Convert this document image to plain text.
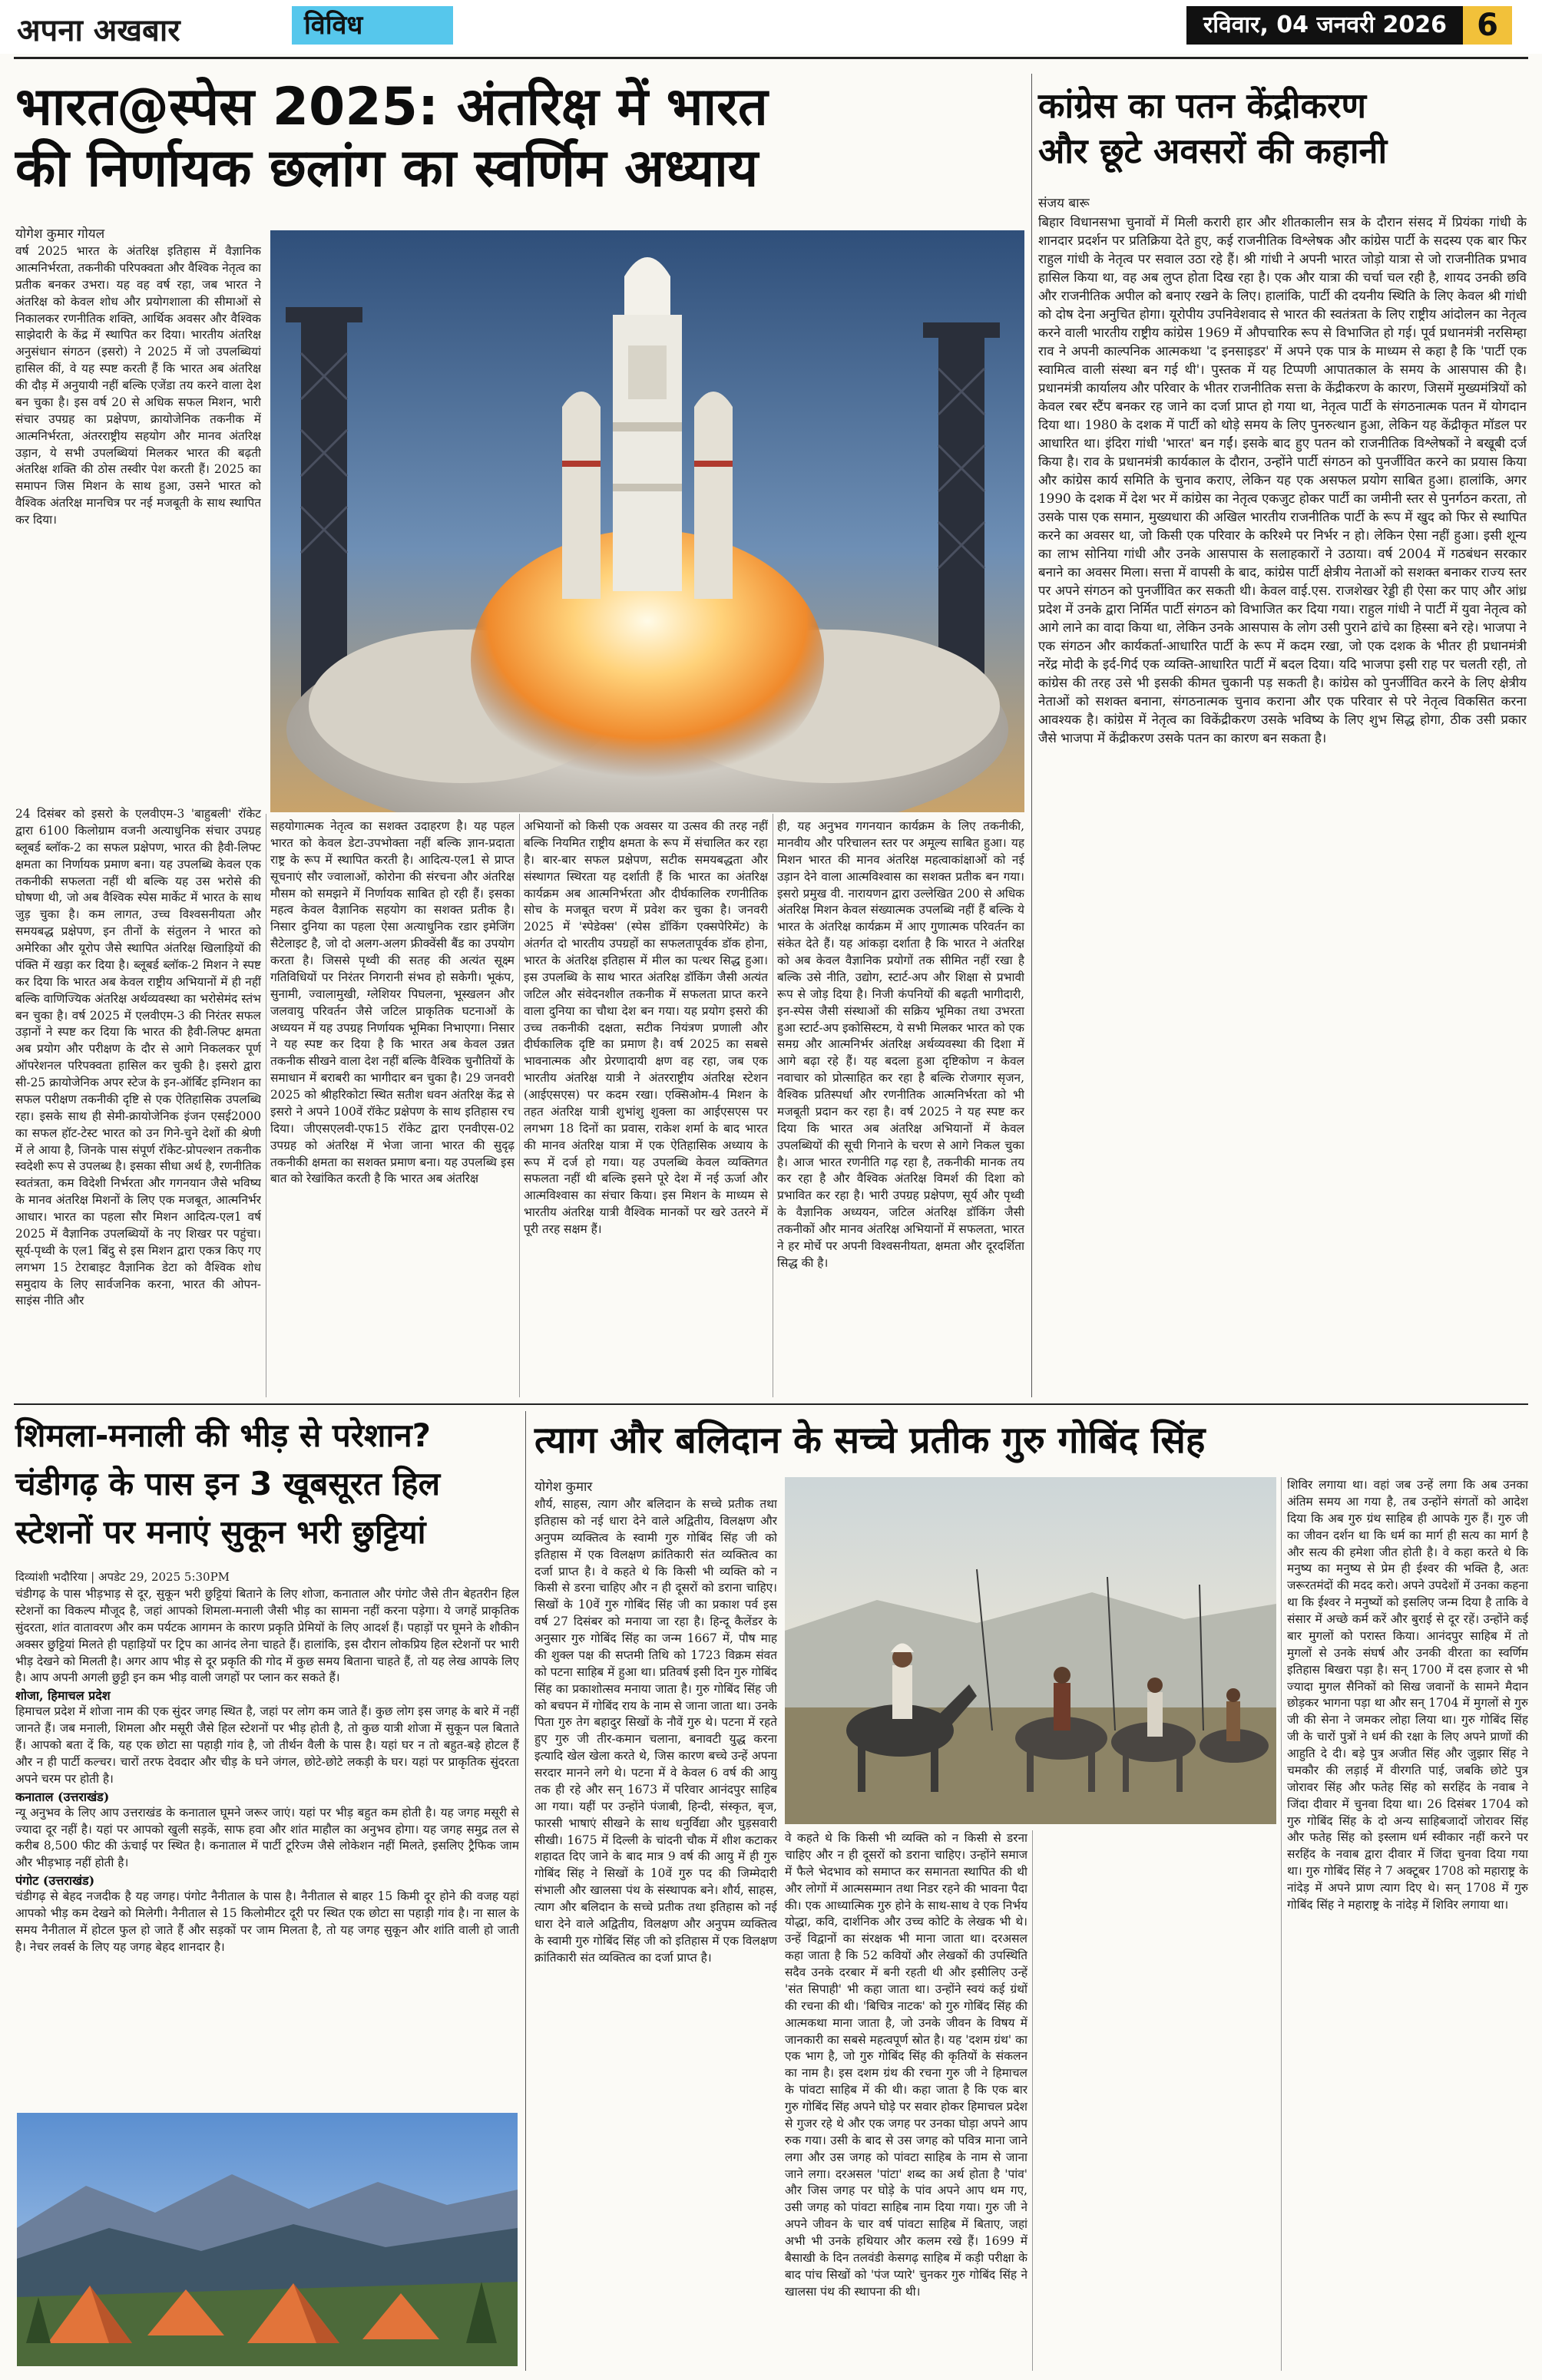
अपना अखबार	विविध	रविवार, 04 जनवरी 2026 6
भारत@स्पेस 2025: अंतरिक्ष में भारत
की निर्णायक छलांग का स्वर्णिम अध्याय
योगेश कुमार गोयल
वर्ष 2025 भारत के अंतरिक्ष इतिहास में वैज्ञानिक आत्मनिर्भरता, तकनीकी परिपक्वता और वैश्विक नेतृत्व का प्रतीक बनकर उभरा। यह वह वर्ष रहा, जब भारत ने अंतरिक्ष को केवल शोध और प्रयोगशाला की सीमाओं से निकालकर रणनीतिक शक्ति, आर्थिक अवसर और वैश्विक साझेदारी के केंद्र में स्थापित कर दिया। भारतीय अंतरिक्ष अनुसंधान संगठन (इसरो) ने 2025 में जो उपलब्धियां हासिल कीं, वे यह स्पष्ट करती हैं कि भारत अब अंतरिक्ष की दौड़ में अनुयायी नहीं बल्कि एजेंडा तय करने वाला देश बन चुका है। इस वर्ष 20 से अधिक सफल मिशन, भारी संचार उपग्रह का प्रक्षेपण, क्रायोजेनिक तकनीक में आत्मनिर्भरता, अंतरराष्ट्रीय सहयोग और मानव अंतरिक्ष उड़ान, ये सभी उपलब्धियां मिलकर भारत की बढ़ती अंतरिक्ष शक्ति की ठोस तस्वीर पेश करती हैं। 2025 का समापन जिस मिशन के साथ हुआ, उसने भारत को वैश्विक अंतरिक्ष मानचित्र पर नई मजबूती के साथ स्थापित कर दिया।
24 दिसंबर को इसरो के एलवीएम-3 'बाहुबली' रॉकेट द्वारा 6100 किलोग्राम वजनी अत्याधुनिक संचार उपग्रह ब्लूबर्ड ब्लॉक-2 का सफल प्रक्षेपण, भारत की हैवी-लिफ्ट क्षमता का निर्णायक प्रमाण बना। यह उपलब्धि केवल एक तकनीकी सफलता नहीं थी बल्कि यह उस भरोसे की घोषणा थी, जो अब वैश्विक स्पेस मार्केट में भारत के साथ जुड़ चुका है। कम लागत, उच्च विश्वसनीयता और समयबद्ध प्रक्षेपण, इन तीनों के संतुलन ने भारत को अमेरिका और यूरोप जैसे स्थापित अंतरिक्ष खिलाड़ियों की पंक्ति में खड़ा कर दिया है। ब्लूबर्ड ब्लॉक-2 मिशन ने स्पष्ट कर दिया कि भारत अब केवल राष्ट्रीय अभियानों में ही नहीं बल्कि वाणिज्यिक अंतरिक्ष अर्थव्यवस्था का भरोसेमंद स्तंभ बन चुका है। वर्ष 2025 में एलवीएम-3 की निरंतर सफल उड़ानों ने स्पष्ट कर दिया कि भारत की हैवी-लिफ्ट क्षमता अब प्रयोग और परीक्षण के दौर से आगे निकलकर पूर्ण ऑपरेशनल परिपक्वता हासिल कर चुकी है। इसरो द्वारा सी-25 क्रायोजेनिक अपर स्टेज के इन-ऑर्बिट इग्निशन का सफल परीक्षण तकनीकी दृष्टि से एक ऐतिहासिक उपलब्धि रहा। इसके साथ ही सेमी-क्रायोजेनिक इंजन एसई2000 का सफल हॉट-टेस्ट भारत को उन गिने-चुने देशों की श्रेणी में ले आया है, जिनके पास संपूर्ण रॉकेट-प्रोपल्शन तकनीक स्वदेशी रूप से उपलब्ध है। इसका सीधा अर्थ है, रणनीतिक स्वतंत्रता, कम विदेशी निर्भरता और गगनयान जैसे भविष्य के मानव अंतरिक्ष मिशनों के लिए एक मजबूत, आत्मनिर्भर आधार। भारत का पहला सौर मिशन आदित्य-एल1 वर्ष 2025 में वैज्ञानिक उपलब्धियों के नए शिखर पर पहुंचा। सूर्य-पृथ्वी के एल1 बिंदु से इस मिशन द्वारा एकत्र किए गए लगभग 15 टेराबाइट वैज्ञानिक डेटा को वैश्विक शोध समुदाय के लिए सार्वजनिक करना, भारत की ओपन-साइंस नीति और
सहयोगात्मक नेतृत्व का सशक्त उदाहरण है। यह पहल भारत को केवल डेटा-उपभोक्ता नहीं बल्कि ज्ञान-प्रदाता राष्ट्र के रूप में स्थापित करती है। आदित्य-एल1 से प्राप्त सूचनाएं सौर ज्वालाओं, कोरोना की संरचना और अंतरिक्ष मौसम को समझने में निर्णायक साबित हो रही हैं। इसका महत्व केवल वैज्ञानिक सहयोग का सशक्त प्रतीक है। निसार दुनिया का पहला ऐसा अत्याधुनिक रडार इमेजिंग सैटेलाइट है, जो दो अलग-अलग फ्रीक्वेंसी बैंड का उपयोग करता है। जिससे पृथ्वी की सतह की अत्यंत सूक्ष्म गतिविधियों पर निरंतर निगरानी संभव हो सकेगी। भूकंप, सुनामी, ज्वालामुखी, ग्लेशियर पिघलना, भूस्खलन और जलवायु परिवर्तन जैसे जटिल प्राकृतिक घटनाओं के अध्ययन में यह उपग्रह निर्णायक भूमिका निभाएगा। निसार ने यह स्पष्ट कर दिया है कि भारत अब केवल उन्नत तकनीक सीखने वाला देश नहीं बल्कि वैश्विक चुनौतियों के समाधान में बराबरी का भागीदार बन चुका है। 29 जनवरी 2025 को श्रीहरिकोटा स्थित सतीश धवन अंतरिक्ष केंद्र से इसरो ने अपने 100वें रॉकेट प्रक्षेपण के साथ इतिहास रच दिया। जीएसएलवी-एफ15 रॉकेट द्वारा एनवीएस-02 उपग्रह को अंतरिक्ष में भेजा जाना भारत की सुदृढ़ तकनीकी क्षमता का सशक्त प्रमाण बना। यह उपलब्धि इस बात को रेखांकित करती है कि भारत अब अंतरिक्ष
अभियानों को किसी एक अवसर या उत्सव की तरह नहीं बल्कि नियमित राष्ट्रीय क्षमता के रूप में संचालित कर रहा है। बार-बार सफल प्रक्षेपण, सटीक समयबद्धता और संस्थागत स्थिरता यह दर्शाती हैं कि भारत का अंतरिक्ष कार्यक्रम अब आत्मनिर्भरता और दीर्घकालिक रणनीतिक सोच के मजबूत चरण में प्रवेश कर चुका है। जनवरी 2025 में 'स्पेडेक्स' (स्पेस डॉकिंग एक्सपेरिमेंट) के अंतर्गत दो भारतीय उपग्रहों का सफलतापूर्वक डॉक होना, भारत के अंतरिक्ष इतिहास में मील का पत्थर सिद्ध हुआ। इस उपलब्धि के साथ भारत अंतरिक्ष डॉकिंग जैसी अत्यंत जटिल और संवेदनशील तकनीक में सफलता प्राप्त करने वाला दुनिया का चौथा देश बन गया। यह प्रयोग इसरो की उच्च तकनीकी दक्षता, सटीक नियंत्रण प्रणाली और दीर्घकालिक दृष्टि का प्रमाण है। वर्ष 2025 का सबसे भावनात्मक और प्रेरणादायी क्षण वह रहा, जब एक भारतीय अंतरिक्ष यात्री ने अंतरराष्ट्रीय अंतरिक्ष स्टेशन (आईएसएस) पर कदम रखा। एक्सिओम-4 मिशन के तहत अंतरिक्ष यात्री शुभांशु शुक्ला का आईएसएस पर लगभग 18 दिनों का प्रवास, राकेश शर्मा के बाद भारत की मानव अंतरिक्ष यात्रा में एक ऐतिहासिक अध्याय के रूप में दर्ज हो गया। यह उपलब्धि केवल व्यक्तिगत सफलता नहीं थी बल्कि इसने पूरे देश में नई ऊर्जा और आत्मविश्वास का संचार किया। इस मिशन के माध्यम से भारतीय अंतरिक्ष यात्री वैश्विक मानकों पर खरे उतरने में पूरी तरह सक्षम हैं।
ही, यह अनुभव गगनयान कार्यक्रम के लिए तकनीकी, मानवीय और परिचालन स्तर पर अमूल्य साबित हुआ। यह मिशन भारत की मानव अंतरिक्ष महत्वाकांक्षाओं को नई उड़ान देने वाला आत्मविश्वास का सशक्त प्रतीक बन गया। इसरो प्रमुख वी. नारायणन द्वारा उल्लेखित 200 से अधिक अंतरिक्ष मिशन केवल संख्यात्मक उपलब्धि नहीं हैं बल्कि ये भारत के अंतरिक्ष कार्यक्रम में आए गुणात्मक परिवर्तन का संकेत देते हैं। यह आंकड़ा दर्शाता है कि भारत ने अंतरिक्ष को अब केवल वैज्ञानिक प्रयोगों तक सीमित नहीं रखा है बल्कि उसे नीति, उद्योग, स्टार्ट-अप और शिक्षा से प्रभावी रूप से जोड़ दिया है। निजी कंपनियों की बढ़ती भागीदारी, इन-स्पेस जैसी संस्थाओं की सक्रिय भूमिका तथा उभरता हुआ स्टार्ट-अप इकोसिस्टम, ये सभी मिलकर भारत को एक समग्र और आत्मनिर्भर अंतरिक्ष अर्थव्यवस्था की दिशा में आगे बढ़ा रहे हैं। यह बदला हुआ दृष्टिकोण न केवल नवाचार को प्रोत्साहित कर रहा है बल्कि रोजगार सृजन, वैश्विक प्रतिस्पर्धा और रणनीतिक आत्मनिर्भरता को भी मजबूती प्रदान कर रहा है। वर्ष 2025 ने यह स्पष्ट कर दिया कि भारत अब अंतरिक्ष अभियानों में केवल उपलब्धियों की सूची गिनाने के चरण से आगे निकल चुका है। आज भारत रणनीति गढ़ रहा है, तकनीकी मानक तय कर रहा है और वैश्विक अंतरिक्ष विमर्श की दिशा को प्रभावित कर रहा है। भारी उपग्रह प्रक्षेपण, सूर्य और पृथ्वी के वैज्ञानिक अध्ययन, जटिल अंतरिक्ष डॉकिंग जैसी तकनीकों और मानव अंतरिक्ष अभियानों में सफलता, भारत ने हर मोर्चे पर अपनी विश्वसनीयता, क्षमता और दूरदर्शिता सिद्ध की है।
कांग्रेस का पतन केंद्रीकरण
और छूटे अवसरों की कहानी
संजय बारू
बिहार विधानसभा चुनावों में मिली करारी हार और शीतकालीन सत्र के दौरान संसद में प्रियंका गांधी के शानदार प्रदर्शन पर प्रतिक्रिया देते हुए, कई राजनीतिक विश्लेषक और कांग्रेस पार्टी के सदस्य एक बार फिर राहुल गांधी के नेतृत्व पर सवाल उठा रहे हैं। श्री गांधी ने अपनी भारत जोड़ो यात्रा से जो राजनीतिक प्रभाव हासिल किया था, वह अब लुप्त होता दिख रहा है। एक और यात्रा की चर्चा चल रही है, शायद उनकी छवि और राजनीतिक अपील को बनाए रखने के लिए। हालांकि, पार्टी की दयनीय स्थिति के लिए केवल श्री गांधी को दोष देना अनुचित होगा। यूरोपीय उपनिवेशवाद से भारत की स्वतंत्रता के लिए राष्ट्रीय आंदोलन का नेतृत्व करने वाली भारतीय राष्ट्रीय कांग्रेस 1969 में औपचारिक रूप से विभाजित हो गई। पूर्व प्रधानमंत्री नरसिम्हा राव ने अपनी काल्पनिक आत्मकथा 'द इनसाइडर' में अपने एक पात्र के माध्यम से कहा है कि 'पार्टी एक स्वामित्व वाली संस्था बन गई थी'। पुस्तक में यह टिप्पणी आपातकाल के समय के आसपास की है। प्रधानमंत्री कार्यालय और परिवार के भीतर राजनीतिक सत्ता के केंद्रीकरण के कारण, जिसमें मुख्यमंत्रियों को केवल रबर स्टैंप बनकर रह जाने का दर्जा प्राप्त हो गया था, नेतृत्व पार्टी के संगठनात्मक पतन में योगदान दिया था। 1980 के दशक में पार्टी को थोड़े समय के लिए पुनरुत्थान हुआ, लेकिन यह केंद्रीकृत मॉडल पर आधारित था। इंदिरा गांधी 'भारत' बन गईं। इसके बाद हुए पतन को राजनीतिक विश्लेषकों ने बखूबी दर्ज किया है। राव के प्रधानमंत्री कार्यकाल के दौरान, उन्होंने पार्टी संगठन को पुनर्जीवित करने का प्रयास किया और कांग्रेस कार्य समिति के चुनाव कराए, लेकिन यह एक असफल प्रयोग साबित हुआ। हालांकि, अगर 1990 के दशक में देश भर में कांग्रेस का नेतृत्व एकजुट होकर पार्टी का जमीनी स्तर से पुनर्गठन करता, तो उसके पास एक समान, मुख्यधारा की अखिल भारतीय राजनीतिक पार्टी के रूप में खुद को फिर से स्थापित करने का अवसर था, जो किसी एक परिवार के करिश्मे पर निर्भर न हो। लेकिन ऐसा नहीं हुआ। इसी शून्य का लाभ सोनिया गांधी और उनके आसपास के सलाहकारों ने उठाया। वर्ष 2004 में गठबंधन सरकार बनाने का अवसर मिला। सत्ता में वापसी के बाद, कांग्रेस पार्टी क्षेत्रीय नेताओं को सशक्त बनाकर राज्य स्तर पर अपने संगठन को पुनर्जीवित कर सकती थी। केवल वाई.एस. राजशेखर रेड्डी ही ऐसा कर पाए और आंध्र प्रदेश में उनके द्वारा निर्मित पार्टी संगठन को विभाजित कर दिया गया। राहुल गांधी ने पार्टी में युवा नेतृत्व को आगे लाने का वादा किया था, लेकिन उनके आसपास के लोग उसी पुराने ढांचे का हिस्सा बने रहे। भाजपा ने एक संगठन और कार्यकर्ता-आधारित पार्टी के रूप में कदम रखा, जो एक दशक के भीतर ही प्रधानमंत्री नरेंद्र मोदी के इर्द-गिर्द एक व्यक्ति-आधारित पार्टी में बदल दिया। यदि भाजपा इसी राह पर चलती रही, तो कांग्रेस की तरह उसे भी इसकी कीमत चुकानी पड़ सकती है। कांग्रेस को पुनर्जीवित करने के लिए क्षेत्रीय नेताओं को सशक्त बनाना, संगठनात्मक चुनाव कराना और एक परिवार से परे नेतृत्व विकसित करना आवश्यक है। कांग्रेस में नेतृत्व का विकेंद्रीकरण उसके भविष्य के लिए शुभ सिद्ध होगा, ठीक उसी प्रकार जैसे भाजपा में केंद्रीकरण उसके पतन का कारण बन सकता है।
शिमला-मनाली की भीड़ से परेशान?
चंडीगढ़ के पास इन 3 खूबसूरत हिल
स्टेशनों पर मनाएं सुकून भरी छुट्टियां
दिव्यांशी भदौरिया | अपडेट 29, 2025 5:30PM
चंडीगढ़ के पास भीड़भाड़ से दूर, सुकून भरी छुट्टियां बिताने के लिए शोजा, कनाताल और पंगोट जैसे तीन बेहतरीन हिल स्टेशनों का विकल्प मौजूद है, जहां आपको शिमला-मनाली जैसी भीड़ का सामना नहीं करना पड़ेगा। ये जगहें प्राकृतिक सुंदरता, शांत वातावरण और कम पर्यटक आगमन के कारण प्रकृति प्रेमियों के लिए आदर्श हैं। पहाड़ों पर घूमने के शौकीन अक्सर छुट्टियां मिलते ही पहाड़ियों पर ट्रिप का आनंद लेना चाहते हैं। हालांकि, इस दौरान लोकप्रिय हिल स्टेशनों पर भारी भीड़ देखने को मिलती है। अगर आप भीड़ से दूर प्रकृति की गोद में कुछ समय बिताना चाहते हैं, तो यह लेख आपके लिए है। आप अपनी अगली छुट्टी इन कम भीड़ वाली जगहों पर प्लान कर सकते हैं।
शोजा, हिमाचल प्रदेश
हिमाचल प्रदेश में शोजा नाम की एक सुंदर जगह स्थित है, जहां पर लोग कम जाते हैं। कुछ लोग इस जगह के बारे में नहीं जानते हैं। जब मनाली, शिमला और मसूरी जैसे हिल स्टेशनों पर भीड़ होती है, तो कुछ यात्री शोजा में सुकून पल बिताते हैं। आपको बता दें कि, यह एक छोटा सा पहाड़ी गांव है, जो तीर्थन वैली के पास है। यहां घर न तो बहुत-बड़े होटल हैं और न ही पार्टी कल्चर। चारों तरफ देवदार और चीड़ के घने जंगल, छोटे-छोटे लकड़ी के घर। यहां पर प्राकृतिक सुंदरता अपने चरम पर होती है।
कनाताल (उत्तराखंड)
न्यू अनुभव के लिए आप उत्तराखंड के कनाताल घूमने जरूर जाएं। यहां पर भीड़ बहुत कम होती है। यह जगह मसूरी से ज्यादा दूर नहीं है। यहां पर आपको खुली सड़कें, साफ हवा और शांत माहौल का अनुभव होगा। यह जगह समुद्र तल से करीब 8,500 फीट की ऊंचाई पर स्थित है। कनाताल में पार्टी टूरिज्म जैसे लोकेशन नहीं मिलते, इसलिए ट्रैफिक जाम और भीड़भाड़ नहीं होती है।
पंगोट (उत्तराखंड)
चंडीगढ़ से बेहद नजदीक है यह जगह। पंगोट नैनीताल के पास है। नैनीताल से बाहर 15 किमी दूर होने की वजह यहां आपको भीड़ कम देखने को मिलेगी। नैनीताल से 15 किलोमीटर दूरी पर स्थित एक छोटा सा पहाड़ी गांव है। ना साल के समय नैनीताल में होटल फुल हो जाते हैं और सड़कों पर जाम मिलता है, तो यह जगह सुकून और शांति वाली हो जाती है। नेचर लवर्स के लिए यह जगह बेहद शानदार है।
त्याग और बलिदान के सच्चे प्रतीक गुरु गोबिंद सिंह
योगेश कुमार
शौर्य, साहस, त्याग और बलिदान के सच्चे प्रतीक तथा इतिहास को नई धारा देने वाले अद्वितीय, विलक्षण और अनुपम व्यक्तित्व के स्वामी गुरु गोबिंद सिंह जी को इतिहास में एक विलक्षण क्रांतिकारी संत व्यक्तित्व का दर्जा प्राप्त है। वे कहते थे कि किसी भी व्यक्ति को न किसी से डरना चाहिए और न ही दूसरों को डराना चाहिए। सिखों के 10वें गुरु गोबिंद सिंह जी का प्रकाश पर्व इस वर्ष 27 दिसंबर को मनाया जा रहा है। हिन्दू कैलेंडर के अनुसार गुरु गोबिंद सिंह का जन्म 1667 में, पौष माह की शुक्ल पक्ष की सप्तमी तिथि को 1723 विक्रम संवत को पटना साहिब में हुआ था। प्रतिवर्ष इसी दिन गुरु गोबिंद सिंह का प्रकाशोत्सव मनाया जाता है। गुरु गोबिंद सिंह जी को बचपन में गोबिंद राय के नाम से जाना जाता था। उनके पिता गुरु तेग बहादुर सिखों के नौवें गुरु थे। पटना में रहते हुए गुरु जी तीर-कमान चलाना, बनावटी युद्ध करना इत्यादि खेल खेला करते थे, जिस कारण बच्चे उन्हें अपना सरदार मानने लगे थे। पटना में वे केवल 6 वर्ष की आयु तक ही रहे और सन् 1673 में परिवार आनंदपुर साहिब आ गया। यहीं पर उन्होंने पंजाबी, हिन्दी, संस्कृत, बृज, फारसी भाषाएं सीखने के साथ धनुर्विद्या और घुड़सवारी सीखी। 1675 में दिल्ली के चांदनी चौक में शीश कटाकर शहादत दिए जाने के बाद मात्र 9 वर्ष की आयु में ही गुरु गोबिंद सिंह ने सिखों के 10वें गुरु पद की जिम्मेदारी संभाली और खालसा पंथ के संस्थापक बने। शौर्य, साहस, त्याग और बलिदान के सच्चे प्रतीक तथा इतिहास को नई धारा देने वाले अद्वितीय, विलक्षण और अनुपम व्यक्तित्व के स्वामी गुरु गोबिंद सिंह जी को इतिहास में एक विलक्षण क्रांतिकारी संत व्यक्तित्व का दर्जा प्राप्त है।
वे कहते थे कि किसी भी व्यक्ति को न किसी से डरना चाहिए और न ही दूसरों को डराना चाहिए। उन्होंने समाज में फैले भेदभाव को समाप्त कर समानता स्थापित की थी और लोगों में आत्मसम्मान तथा निडर रहने की भावना पैदा की। एक आध्यात्मिक गुरु होने के साथ-साथ वे एक निर्भय योद्धा, कवि, दार्शनिक और उच्च कोटि के लेखक भी थे। उन्हें विद्वानों का संरक्षक भी माना जाता था। दरअसल कहा जाता है कि 52 कवियों और लेखकों की उपस्थिति सदैव उनके दरबार में बनी रहती थी और इसीलिए उन्हें 'संत सिपाही' भी कहा जाता था। उन्होंने स्वयं कई ग्रंथों की रचना की थी। 'बिचित्र नाटक' को गुरु गोबिंद सिंह की आत्मकथा माना जाता है, जो उनके जीवन के विषय में जानकारी का सबसे महत्वपूर्ण स्रोत है। यह 'दशम ग्रंथ' का एक भाग है, जो गुरु गोबिंद सिंह की कृतियों के संकलन का नाम है। इस दशम ग्रंथ की रचना गुरु जी ने हिमाचल के पांवटा साहिब में की थी। कहा जाता है कि एक बार गुरु गोबिंद सिंह अपने घोड़े पर सवार होकर हिमाचल प्रदेश से गुजर रहे थे और एक जगह पर उनका घोड़ा अपने आप रुक गया। उसी के बाद से उस जगह को पवित्र माना जाने लगा और उस जगह को पांवटा साहिब के नाम से जाना जाने लगा। दरअसल 'पांटा' शब्द का अर्थ होता है 'पांव' और जिस जगह पर घोड़े के पांव अपने आप थम गए, उसी जगह को पांवटा साहिब नाम दिया गया। गुरु जी ने अपने जीवन के चार वर्ष पांवटा साहिब में बिताए, जहां अभी भी उनके हथियार और कलम रखे हैं। 1699 में बैसाखी के दिन तलवंडी केसगढ़ साहिब में कड़ी परीक्षा के बाद पांच सिखों को 'पंज प्यारे' चुनकर गुरु गोबिंद सिंह ने खालसा पंथ की स्थापना की थी।
शिविर लगाया था। वहां जब उन्हें लगा कि अब उनका अंतिम समय आ गया है, तब उन्होंने संगतों को आदेश दिया कि अब गुरु ग्रंथ साहिब ही आपके गुरु हैं। गुरु जी का जीवन दर्शन था कि धर्म का मार्ग ही सत्य का मार्ग है और सत्य की हमेशा जीत होती है। वे कहा करते थे कि मनुष्य का मनुष्य से प्रेम ही ईश्वर की भक्ति है, अतः जरूरतमंदों की मदद करो। अपने उपदेशों में उनका कहना था कि ईश्वर ने मनुष्यों को इसलिए जन्म दिया है ताकि वे संसार में अच्छे कर्म करें और बुराई से दूर रहें। उन्होंने कई बार मुगलों को परास्त किया। आनंदपुर साहिब में तो मुगलों से उनके संघर्ष और उनकी वीरता का स्वर्णिम इतिहास बिखरा पड़ा है। सन् 1700 में दस हजार से भी ज्यादा मुगल सैनिकों को सिख जवानों के सामने मैदान छोड़कर भागना पड़ा था और सन् 1704 में मुगलों से गुरु जी की सेना ने जमकर लोहा लिया था। गुरु गोबिंद सिंह जी के चारों पुत्रों ने धर्म की रक्षा के लिए अपने प्राणों की आहुति दे दी। बड़े पुत्र अजीत सिंह और जुझार सिंह ने चमकौर की लड़ाई में वीरगति पाई, जबकि छोटे पुत्र जोरावर सिंह और फतेह सिंह को सरहिंद के नवाब ने जिंदा दीवार में चुनवा दिया था। 26 दिसंबर 1704 को गुरु गोबिंद सिंह के दो अन्य साहिबजादों जोरावर सिंह और फतेह सिंह को इस्लाम धर्म स्वीकार नहीं करने पर सरहिंद के नवाब द्वारा दीवार में जिंदा चुनवा दिया गया था। गुरु गोबिंद सिंह ने 7 अक्टूबर 1708 को महाराष्ट्र के नांदेड़ में अपने प्राण त्याग दिए थे। सन् 1708 में गुरु गोबिंद सिंह ने महाराष्ट्र के नांदेड़ में शिविर लगाया था।
